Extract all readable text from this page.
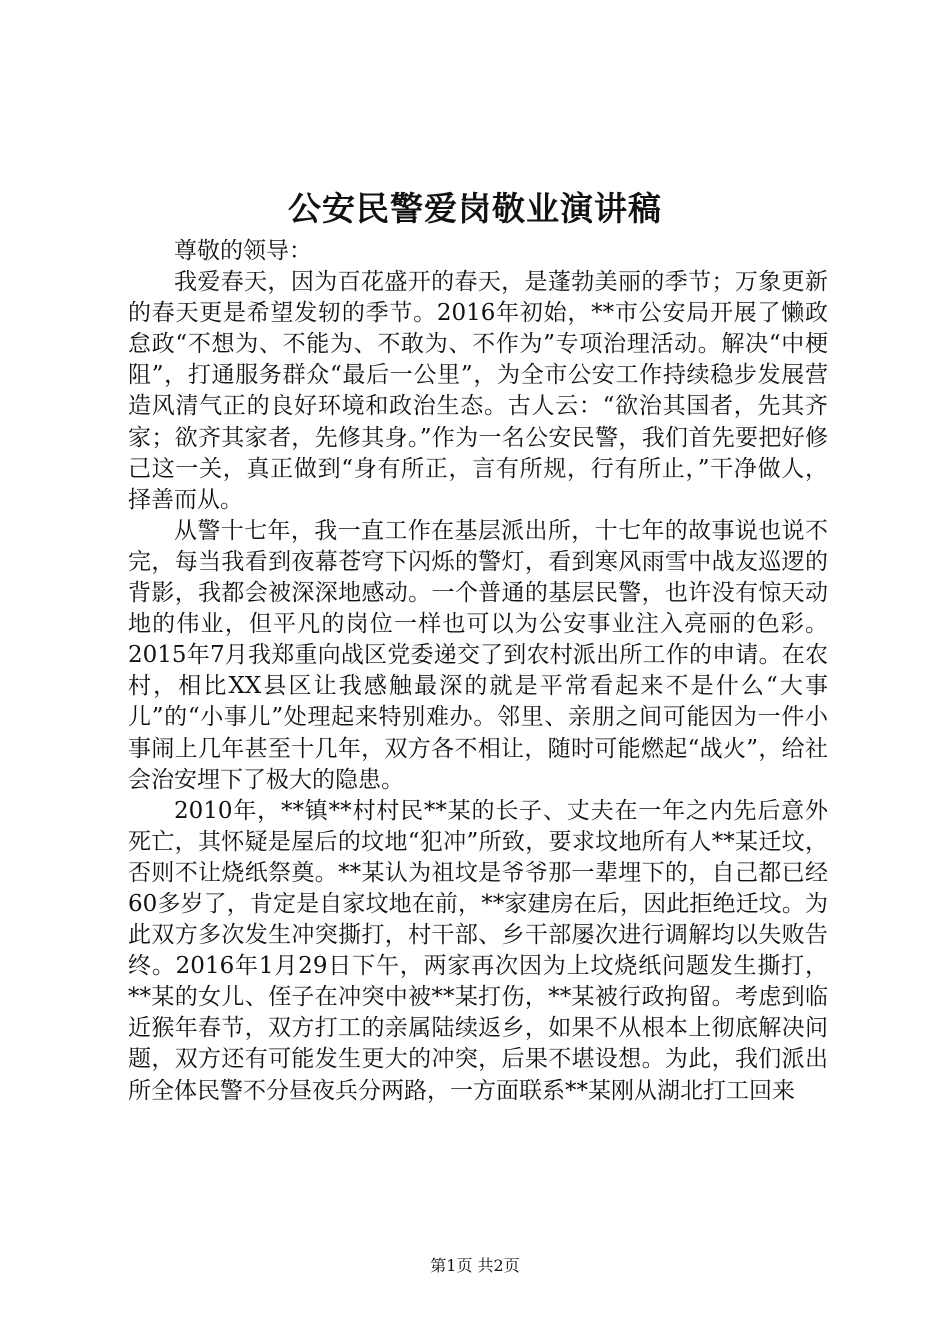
公安民警爱岗敬业演讲稿

尊敬的领导：

我爱春天，因为百花盛开的春天，是蓬勃美丽的季节；万象更新的春天更是希望发轫的季节。2016年初始，**市公安局开展了懒政怠政“不想为、不能为、不敢为、不作为”专项治理活动。解决“中梗阻”，打通服务群众“最后一公里”，为全市公安工作持续稳步发展营造风清气正的良好环境和政治生态。古人云：“欲治其国者，先其齐家；欲齐其家者，先修其身。”作为一名公安民警，我们首先要把好修己这一关，真正做到“身有所正，言有所规，行有所止，”干净做人，择善而从。

从警十七年，我一直工作在基层派出所，十七年的故事说也说不完，每当我看到夜幕苍穹下闪烁的警灯，看到寒风雨雪中战友巡逻的背影，我都会被深深地感动。一个普通的基层民警，也许没有惊天动地的伟业，但平凡的岗位一样也可以为公安事业注入亮丽的色彩。2015年7月我郑重向战区党委递交了到农村派出所工作的申请。在农村，相比XX县区让我感触最深的就是平常看起来不是什么“大事儿”的“小事儿”处理起来特别难办。邻里、亲朋之间可能因为一件小事闹上几年甚至十几年，双方各不相让，随时可能燃起“战火”，给社会治安埋下了极大的隐患。

2010年，**镇**村村民**某的长子、丈夫在一年之内先后意外死亡，其怀疑是屋后的坟地“犯冲”所致，要求坟地所有人**某迁坟，否则不让烧纸祭奠。**某认为祖坟是爷爷那一辈埋下的，自己都已经60多岁了，肯定是自家坟地在前，**家建房在后，因此拒绝迁坟。为此双方多次发生冲突撕打，村干部、乡干部屡次进行调解均以失败告终。2016年1月29日下午，两家再次因为上坟烧纸问题发生撕打，**某的女儿、侄子在冲突中被**某打伤，**某被行政拘留。考虑到临近猴年春节，双方打工的亲属陆续返乡，如果不从根本上彻底解决问题，双方还有可能发生更大的冲突，后果不堪设想。为此，我们派出所全体民警不分昼夜兵分两路，一方面联系**某刚从湖北打工回来

第1页 共2页
